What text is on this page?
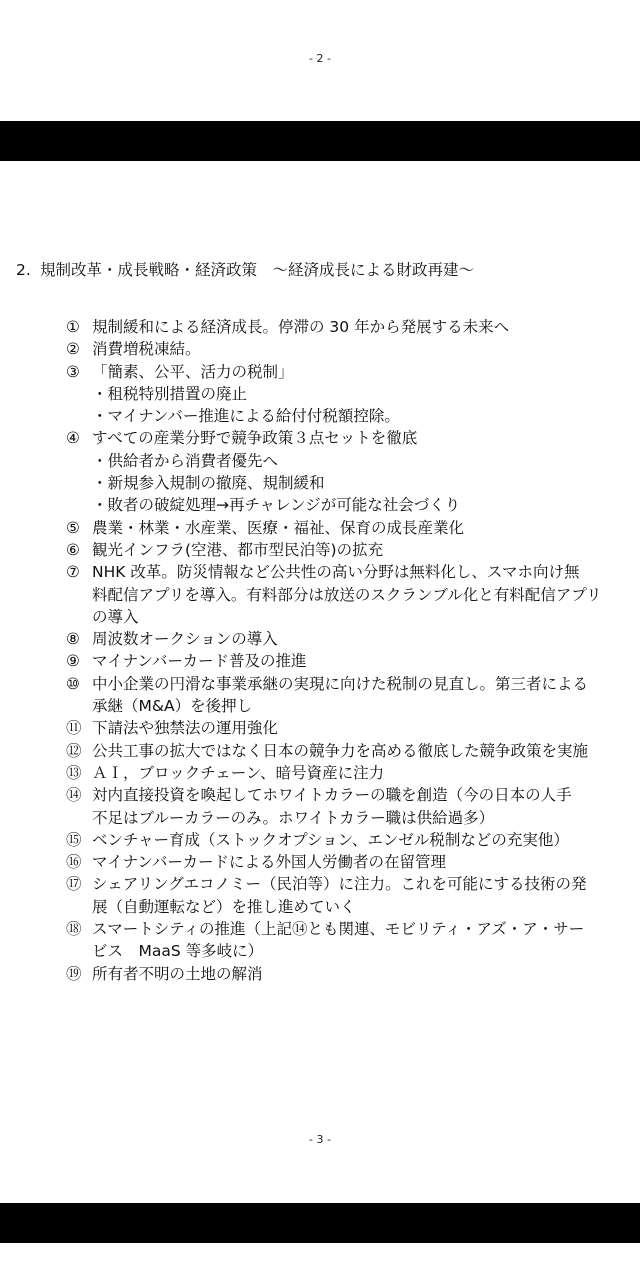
- 2 -
2. 規制改革・成長戦略・経済政策　～経済成長による財政再建～
① 規制緩和による経済成長。停滞の 30 年から発展する未来へ
② 消費増税凍結。
③ 「簡素、公平、活力の税制」
・租税特別措置の廃止
・マイナンバー推進による給付付税額控除。
④ すべての産業分野で競争政策３点セットを徹底
・供給者から消費者優先へ
・新規参入規制の撤廃、規制緩和
・敗者の破綻処理→再チャレンジが可能な社会づくり
⑤ 農業・林業・水産業、医療・福祉、保育の成長産業化
⑥ 観光インフラ(空港、都市型民泊等)の拡充
⑦ NHK 改革。防災情報など公共性の高い分野は無料化し、スマホ向け無
料配信アプリを導入。有料部分は放送のスクランブル化と有料配信アプリ
の導入
⑧ 周波数オークションの導入
⑨ マイナンバーカード普及の推進
⑩ 中小企業の円滑な事業承継の実現に向けた税制の見直し。第三者による
承継（M&A）を後押し
⑪ 下請法や独禁法の運用強化
⑫ 公共工事の拡大ではなく日本の競争力を高める徹底した競争政策を実施
⑬ ＡＩ，ブロックチェーン、暗号資産に注力
⑭ 対内直接投資を喚起してホワイトカラーの職を創造（今の日本の人手
不足はブルーカラーのみ。ホワイトカラー職は供給過多）
⑮ ベンチャー育成（ストックオプション、エンゼル税制などの充実他）
⑯ マイナンバーカードによる外国人労働者の在留管理
⑰ シェアリングエコノミー（民泊等）に注力。これを可能にする技術の発
展（自動運転など）を推し進めていく
⑱ スマートシティの推進（上記⑭とも関連、モビリティ・アズ・ア・サー
ビス　MaaS 等多岐に）
⑲ 所有者不明の土地の解消
- 3 -
